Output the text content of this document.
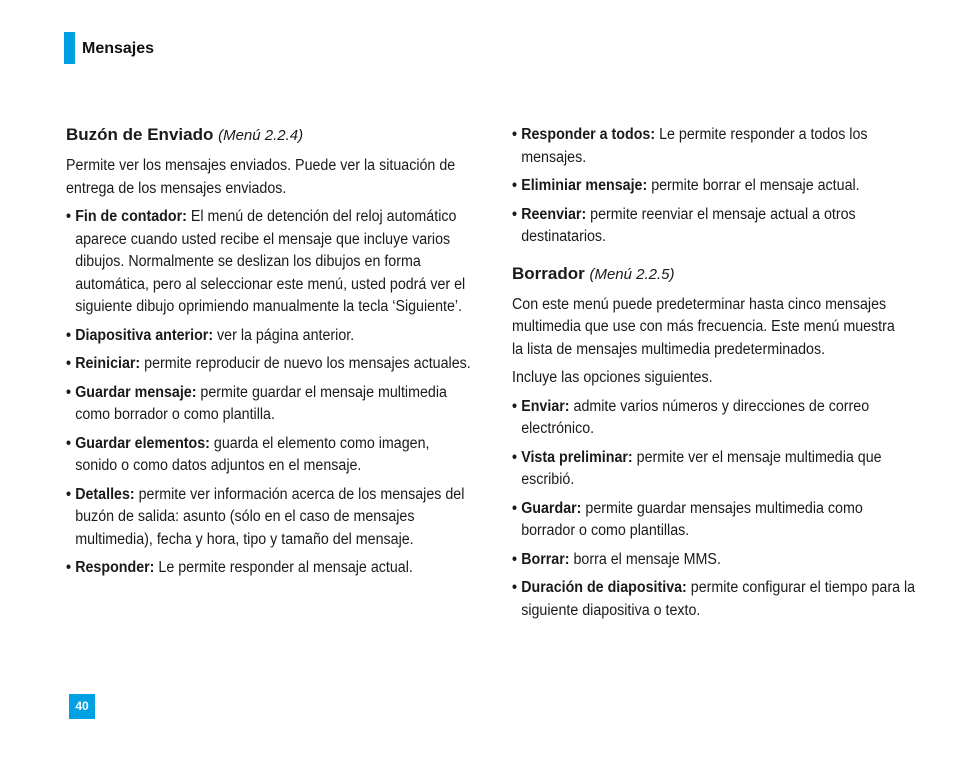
Mensajes
Buzón de Enviado (Menú 2.2.4)

Permite ver los mensajes enviados. Puede ver la situación de entrega de los mensajes enviados.

• Fin de contador: El menú de detención del reloj automático aparece cuando usted recibe el mensaje que incluye varios dibujos. Normalmente se deslizan los dibujos en forma automática, pero al seleccionar este menú, usted podrá ver el siguiente dibujo oprimiendo manualmente la tecla ‘Siguiente’.
• Diapositiva anterior: ver la página anterior.
• Reiniciar: permite reproducir de nuevo los mensajes actuales.
• Guardar mensaje: permite guardar el mensaje multimedia como borrador o como plantilla.
• Guardar elementos: guarda el elemento como imagen, sonido o como datos adjuntos en el mensaje.
• Detalles: permite ver información acerca de los mensajes del buzón de salida: asunto (sólo en el caso de mensajes multimedia), fecha y hora, tipo y tamaño del mensaje.
• Responder: Le permite responder al mensaje actual.
• Responder a todos: Le permite responder a todos los mensajes.
• Eliminiar mensaje: permite borrar el mensaje actual.
• Reenviar: permite reenviar el mensaje actual a otros destinatarios.
Borrador (Menú 2.2.5)

Con este menú puede predeterminar hasta cinco mensajes multimedia que use con más frecuencia. Este menú muestra la lista de mensajes multimedia predeterminados.

Incluye las opciones siguientes.

• Enviar: admite varios números y direcciones de correo electrónico.
• Vista preliminar: permite ver el mensaje multimedia que escribió.
• Guardar: permite guardar mensajes multimedia como borrador o como plantillas.
• Borrar: borra el mensaje MMS.
• Duración de diapositiva: permite configurar el tiempo para la siguiente diapositiva o texto.
40
